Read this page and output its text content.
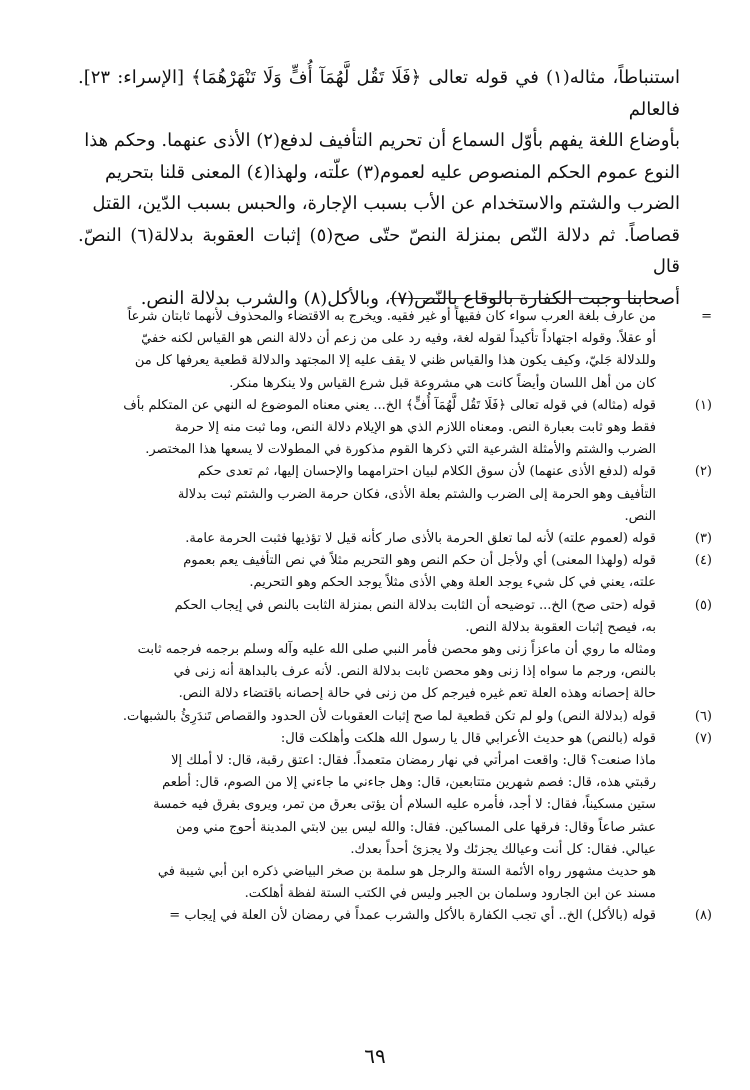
استنباطاً، مثاله(١) في قوله تعالى ﴿فَلَا تَقُل لَّهُمَآ أُفٍّ وَلَا تَنْهَرْهُمَا﴾ [الإسراء: ٢٣]. فالعالم

بأوضاع اللغة يفهم بأوّل السماع أن تحريم التأفيف لدفع(٢) الأذى عنهما. وحكم هذا

النوع عموم الحكم المنصوص عليه لعموم(٣) علّته، ولهذا(٤) المعنى قلنا بتحريم

الضرب والشتم والاستخدام عن الأب بسبب الإجارة، والحبس بسبب الدّين، القتل

قصاصاً. ثم دلالة النّص بمنزلة النصّ حتّى صح(٥) إثبات العقوبة بدلالة(٦) النصّ. قال

أصحابنا وجبت الكفارة بالوقاع بالنّص(٧)، وبالأكل(٨) والشرب بدلالة النص.

=
من عارف بلغة العرب سواء كان فقيهاً أو غير فقيه. ويخرج به الاقتضاء والمحذوف لأنهما ثابتان شرعاً
أو عقلاً. وقوله اجتهاداً تأكيداً لقوله لغة، وفيه رد على من زعم أن دلالة النص هو القياس لكنه خفيّ
وللدلالة جَليّ، وكيف يكون هذا والقياس ظني لا يقف عليه إلا المجتهد والدلالة قطعية يعرفها كل من
كان من أهل اللسان وأيضاً كانت هي مشروعة قبل شرع القياس ولا ينكرها منكر.
(١)
قوله (مثاله) في قوله تعالى ﴿فَلَا تَقُل لَّهُمَآ أُفٍّ﴾ الخ... يعني معناه الموضوع له النهي عن المتكلم بأف
فقط وهو ثابت بعبارة النص. ومعناه اللازم الذي هو الإيلام دلالة النص، وما ثبت منه إلا حرمة
الضرب والشتم والأمثلة الشرعية التي ذكرها القوم مذكورة في المطولات لا يسعها هذا المختصر.
(٢)
قوله (لدفع الأذى عنهما) لأن سوق الكلام لبيان احترامهما والإحسان إليها، ثم تعدى حكم
التأفيف وهو الحرمة إلى الضرب والشتم بعلة الأذى، فكان حرمة الضرب والشتم ثبت بدلالة
النص.
(٣)
قوله (لعموم علته) لأنه لما تعلق الحرمة بالأذى صار كأنه قيل لا تؤذيها فثبت الحرمة عامة.
(٤)
قوله (ولهذا المعنى) أي ولأجل أن حكم النص وهو التحريم مثلاً في نص التأفيف يعم بعموم
علته، يعني في كل شيء يوجد العلة وهي الأذى مثلاً يوجد الحكم وهو التحريم.
(٥)
قوله (حتى صح) الخ... توضيحه أن الثابت بدلالة النص بمنزلة الثابت بالنص في إيجاب الحكم
به، فيصح إثبات العقوبة بدلالة النص.
ومثاله ما روي أن ماعزاً زنى وهو محصن فأمر النبي صلى الله عليه وآله وسلم برجمه فرجمه ثابت
بالنص، ورجم ما سواه إذا زنى وهو محصن ثابت بدلالة النص. لأنه عرف بالبداهة أنه زنى في
حالة إحصانه وهذه العلة تعم غيره فيرجم كل من زنى في حالة إحصانه باقتضاء دلالة النص.
(٦)
قوله (بدلالة النص) ولو لم تكن قطعية لما صح إثبات العقوبات لأن الحدود والقصاص تَندَرِئُ بالشبهات.
(٧)
قوله (بالنص) هو حديث الأعرابي قال يا رسول الله هلكت وأهلكت قال:
ماذا صنعت؟ قال: واقعت امرأتي في نهار رمضان متعمداً. فقال: اعتق رقبة، قال: لا أملك إلا
رقبتي هذه، قال: فصم شهرين متتابعين، قال: وهل جاءني ما جاءني إلا من الصوم، قال: أطعم
ستين مسكيناً، فقال: لا أجد، فأمره عليه السلام أن يؤتى بعرق من تمر، ويروى بفرق فيه خمسة
عشر صاعاً وقال: فرقها على المساكين. فقال: والله ليس بين لابتي المدينة أحوج مني ومن
عيالي. فقال: كل أنت وعيالك يجزئك ولا يجزئ أحداً بعدك.
هو حديث مشهور رواه الأئمة الستة والرجل هو سلمة بن صخر البياضي ذكره ابن أبي شيبة في
مسند عن ابن الجارود وسلمان بن الجبر وليس في الكتب الستة لفظة أهلكت.
(٨)
قوله (بالأكل) الخ.. أي تجب الكفارة بالأكل والشرب عمداً في رمضان لأن العلة في إيجاب =
٦٩
